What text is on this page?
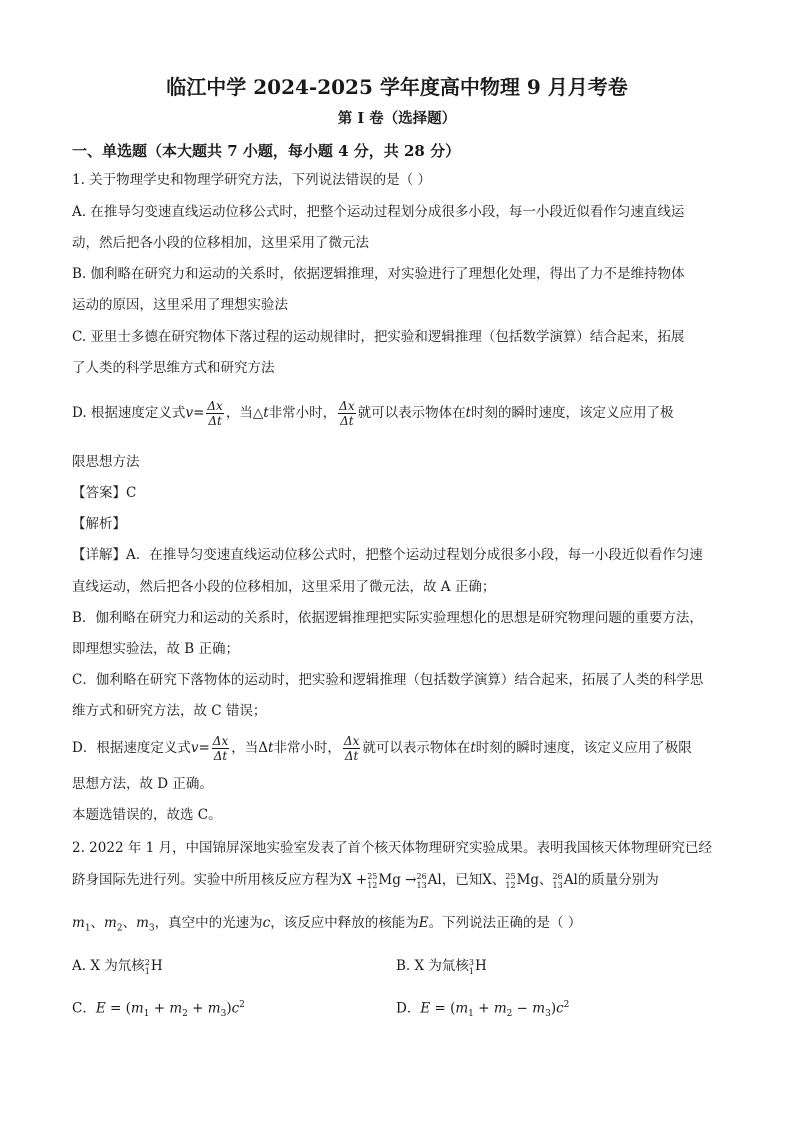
临江中学 2024-2025 学年度高中物理 9 月月考卷
第 I 卷（选择题）
一、单选题（本大题共 7 小题，每小题 4 分，共 28 分）
1. 关于物理学史和物理学研究方法，下列说法错误的是（ ）
A. 在推导匀变速直线运动位移公式时，把整个运动过程划分成很多小段，每一小段近似看作匀速直线运
动，然后把各小段的位移相加，这里采用了微元法
B. 伽利略在研究力和运动的关系时，依据逻辑推理，对实验进行了理想化处理，得出了力不是维持物体
运动的原因，这里采用了理想实验法
C. 亚里士多德在研究物体下落过程的运动规律时，把实验和逻辑推理（包括数学演算）结合起来，拓展
了人类的科学思维方式和研究方法
D. 根据速度定义式$v= \frac{\Delta x}{\Delta t}$ ，当△t非常小时， $\frac{\Delta x}{\Delta t}$ 就可以表示物体在t时刻的瞬时速度，该定义应用了极
限思想方法
【答案】C
【解析】
【详解】A．在推导匀变速直线运动位移公式时，把整个运动过程划分成很多小段，每一小段近似看作匀速
直线运动，然后把各小段的位移相加，这里采用了微元法，故 A 正确；
B．伽利略在研究力和运动的关系时，依据逻辑推理把实际实验理想化的思想是研究物理问题的重要方法，
即理想实验法，故 B 正确；
C．伽利略在研究下落物体的运动时，把实验和逻辑推理（包括数学演算）结合起来，拓展了人类的科学思
维方式和研究方法，故 C 错误；
D．根据速度定义式$v= \frac{\Delta x}{\Delta t}$ ，当Δt非常小时， $\frac{\Delta x}{\Delta t}$ 就可以表示物体在t时刻的瞬时速度，该定义应用了极限
思想方法，故 D 正确。
本题选错误的，故选 C。
2. 2022 年 1 月，中国锦屏深地实验室发表了首个核天体物理研究实验成果。表明我国核天体物理研究已经
跻身国际先进行列。实验中所用核反应方程为X + 25
12 Mg → 26
13 Al，已知X、 25
12 Mg、 26
13 Al的质量分别为
$m_1$、$m_2$、$m_3$，真空中的光速为c，该反应中释放的核能为E。下列说法正确的是（ ）
A. X 为氘核 2
1 H	B. X 为氚核 3
1 H
C．$E = (m_1 + m_2 + m_3)c^2$	D．$E = (m_1 + m_2 - m_3)c^2$
